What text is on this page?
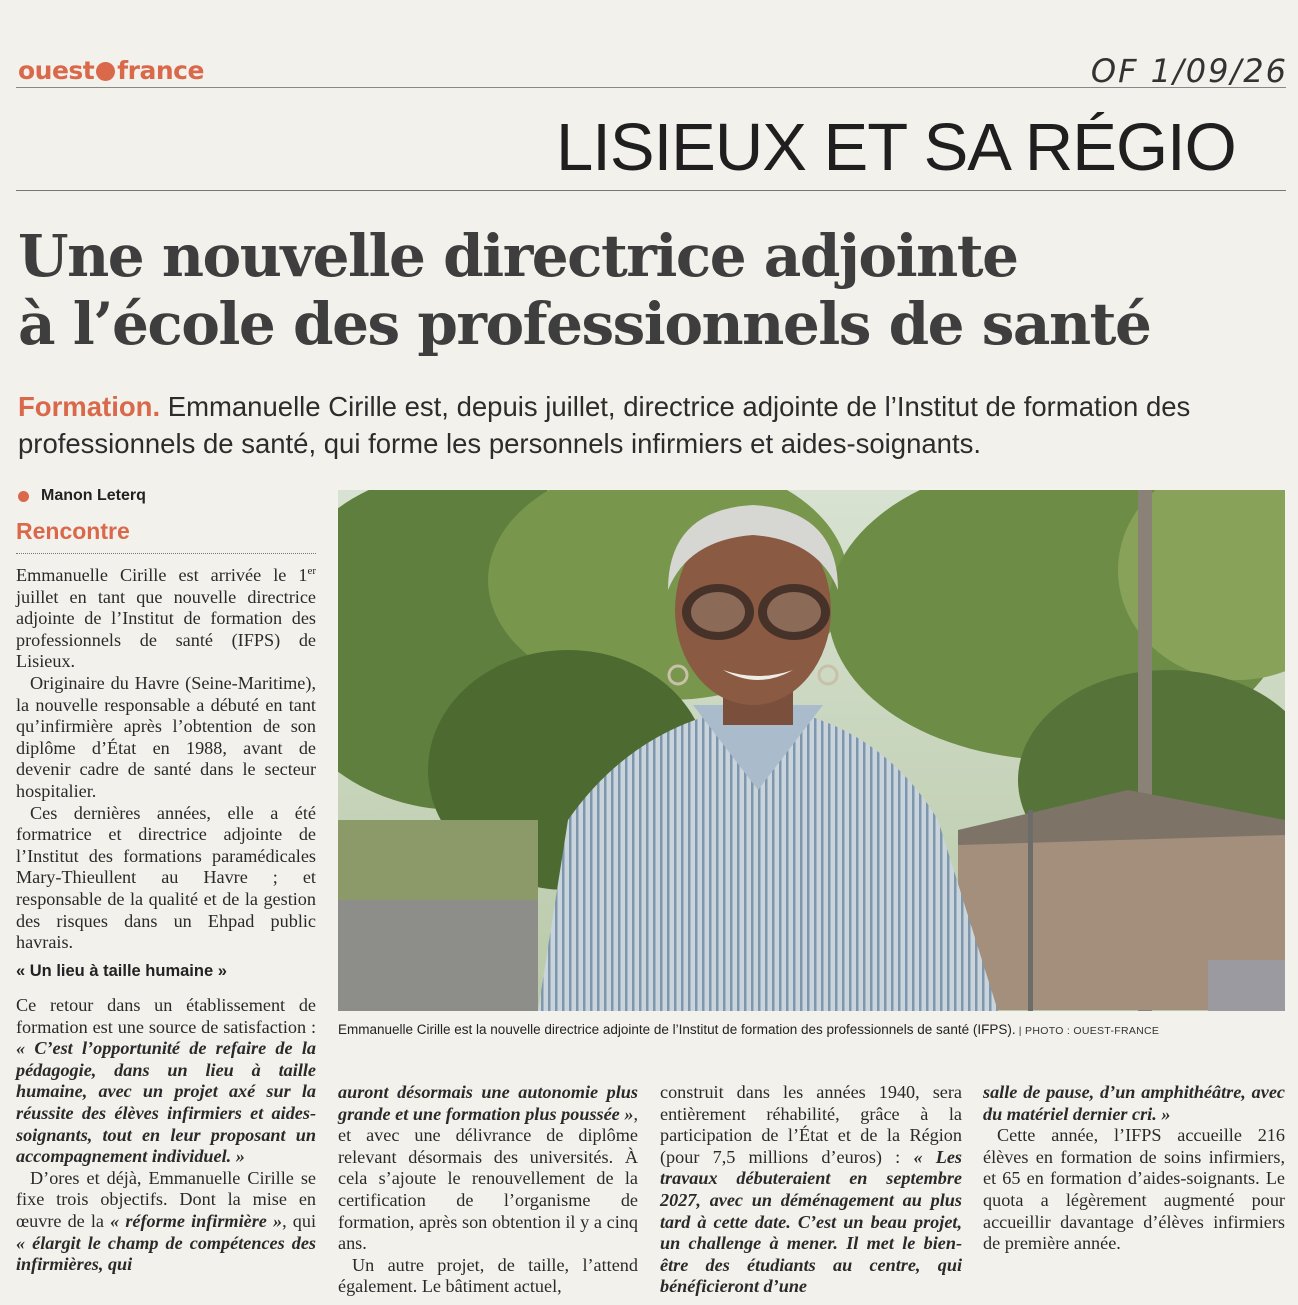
ouest france	OF 1/09/26
LISIEUX ET SA RÉGIO
Une nouvelle directrice adjointe
à l’école des professionnels de santé
Formation. Emmanuelle Cirille est, depuis juillet, directrice adjointe de l’Institut de formation des professionnels de santé, qui forme les personnels infirmiers et aides-soignants.
Manon Leterq
Rencontre

Emmanuelle Cirille est arrivée le 1er juillet en tant que nouvelle directrice adjointe de l’Institut de formation des professionnels de santé (IFPS) de Lisieux.

Originaire du Havre (Seine-Maritime), la nouvelle responsable a débuté en tant qu’infirmière après l’obtention de son diplôme d’État en 1988, avant de devenir cadre de santé dans le secteur hospitalier.

Ces dernières années, elle a été formatrice et directrice adjointe de l’Institut des formations paramédicales Mary-Thieullent au Havre ; et responsable de la qualité et de la gestion des risques dans un Ehpad public havrais.

« Un lieu à taille humaine »

Ce retour dans un établissement de formation est une source de satisfaction : « C’est l’opportunité de refaire de la pédagogie, dans un lieu à taille humaine, avec un projet axé sur la réussite des élèves infirmiers et aides-soignants, tout en leur proposant un accompagnement individuel. »

D’ores et déjà, Emmanuelle Cirille se fixe trois objectifs. Dont la mise en œuvre de la « réforme infirmière », qui « élargit le champ de compétences des infirmières, qui

Emmanuelle Cirille est la nouvelle directrice adjointe de l’Institut de formation des professionnels de santé (IFPS). | PHOTO : OUEST-FRANCE

auront désormais une autonomie plus grande et une formation plus poussée », et avec une délivrance de diplôme relevant désormais des universités. À cela s’ajoute le renouvellement de la certification de l’organisme de formation, après son obtention il y a cinq ans.

Un autre projet, de taille, l’attend également. Le bâtiment actuel,

construit dans les années 1940, sera entièrement réhabilité, grâce à la participation de l’État et de la Région (pour 7,5 millions d’euros) : « Les travaux débuteraient en septembre 2027, avec un déménagement au plus tard à cette date. C’est un beau projet, un challenge à mener. Il met le bien-être des étudiants au centre, qui bénéficieront d’une

salle de pause, d’un amphithéâtre, avec du matériel dernier cri. »

Cette année, l’IFPS accueille 216 élèves en formation de soins infirmiers, et 65 en formation d’aides-soignants. Le quota a légèrement augmenté pour accueillir davantage d’élèves infirmiers de première année.
